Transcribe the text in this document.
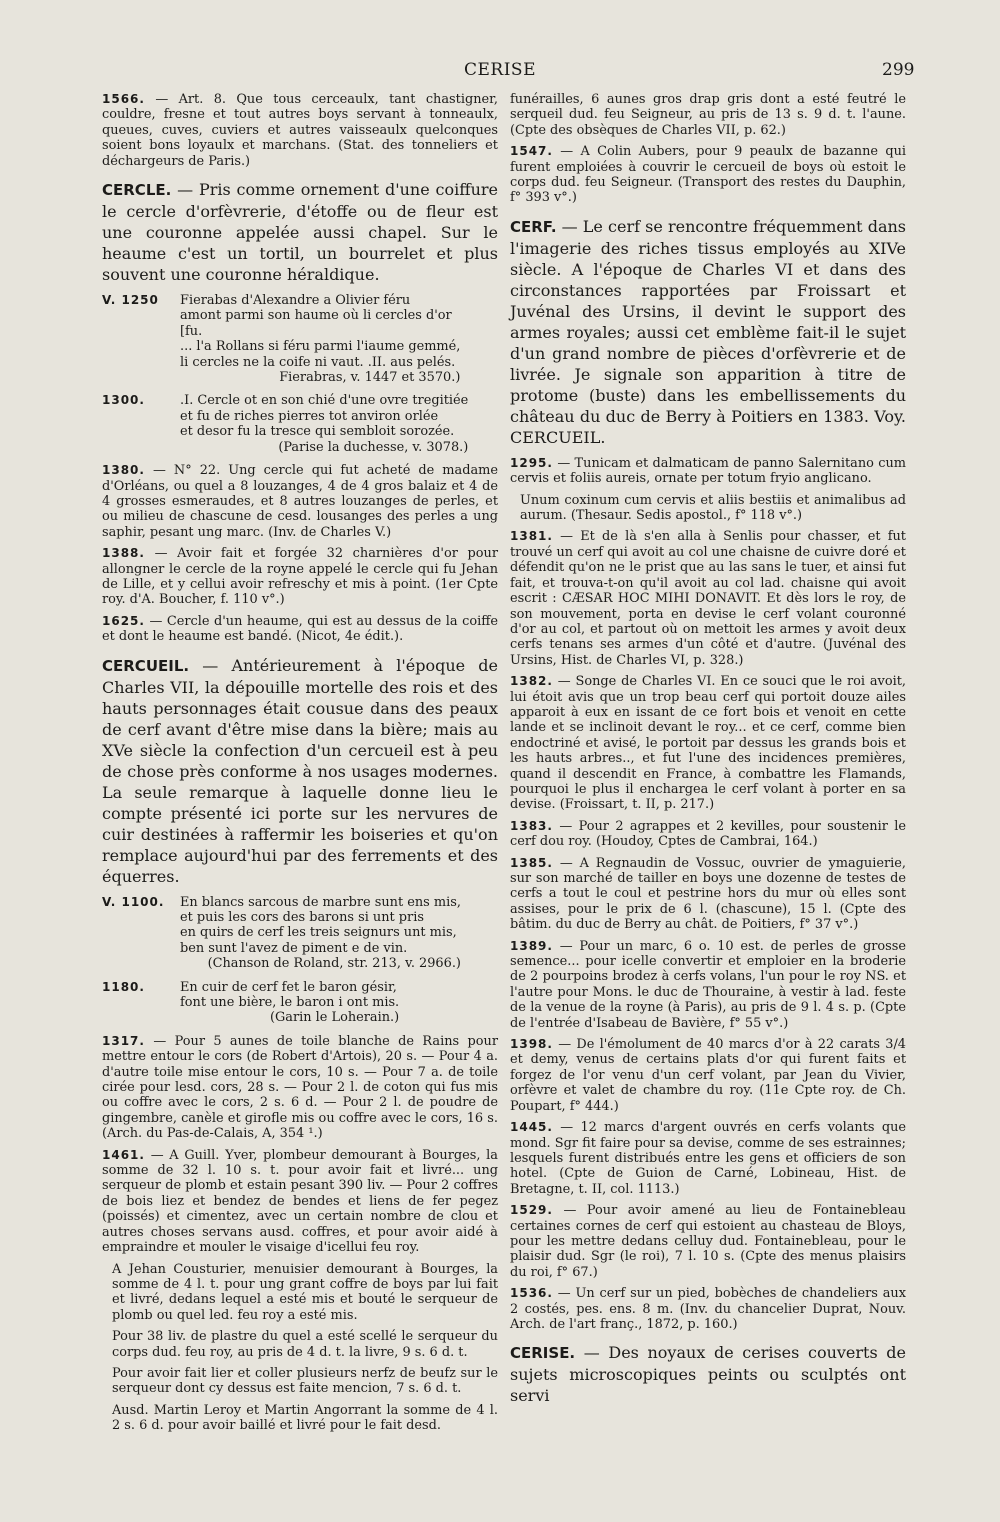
CERISE	299

1566. — Art. 8. Que tous cerceaulx, tant chastigner, couldre, fresne et tout autres boys servant à tonneaulx, queues, cuves, cuviers et autres vaisseaulx quelconques soient bons loyaulx et marchans. (Stat. des tonneliers et déchargeurs de Paris.)

CERCLE. — Pris comme ornement d'une coiffure le cercle d'orfèvrerie, d'étoffe ou de fleur est une couronne appelée aussi chapel. Sur le heaume c'est un tortil, un bourrelet et plus souvent une couronne héraldique.

V. 1250	Fierabas d'Alexandre a Olivier féru
amont parmi son haume où li cercles d'or
[fu.
... l'a Rollans si féru parmi l'iaume gemmé,
li cercles ne la coife ni vaut. .II. aus pelés.
Fierabras, v. 1447 et 3570.)
1300.	.I. Cercle ot en son chié d'une ovre tregitiée
et fu de riches pierres tot anviron orlée
et desor fu la tresce qui sembloit sorozée.
(Parise la duchesse, v. 3078.)

1380. — N° 22. Ung cercle qui fut acheté de madame d'Orléans, ou quel a 8 louzanges, 4 de 4 gros balaiz et 4 de 4 grosses esmeraudes, et 8 autres louzanges de perles, et ou milieu de chascune de cesd. lousanges des perles a ung saphir, pesant ung marc. (Inv. de Charles V.)

1388. — Avoir fait et forgée 32 charnières d'or pour allongner le cercle de la royne appelé le cercle qui fu Jehan de Lille, et y cellui avoir refreschy et mis à point. (1er Cpte roy. d'A. Boucher, f. 110 v°.)

1625. — Cercle d'un heaume, qui est au dessus de la coiffe et dont le heaume est bandé. (Nicot, 4e édit.).

CERCUEIL. — Antérieurement à l'époque de Charles VII, la dépouille mortelle des rois et des hauts personnages était cousue dans des peaux de cerf avant d'être mise dans la bière; mais au XVe siècle la confection d'un cercueil est à peu de chose près conforme à nos usages modernes. La seule remarque à laquelle donne lieu le compte présenté ici porte sur les nervures de cuir destinées à raffermir les boiseries et qu'on remplace aujourd'hui par des ferrements et des équerres.

V. 1100.	En blancs sarcous de marbre sunt ens mis,
et puis les cors des barons si unt pris
en quirs de cerf les treis seignurs unt mis,
ben sunt l'avez de piment e de vin.
(Chanson de Roland, str. 213, v. 2966.)
1180.	En cuir de cerf fet le baron gésir,
font une bière, le baron i ont mis.
(Garin le Loherain.)

1317. — Pour 5 aunes de toile blanche de Rains pour mettre entour le cors (de Robert d'Artois), 20 s. — Pour 4 a. d'autre toile mise entour le cors, 10 s. — Pour 7 a. de toile cirée pour lesd. cors, 28 s. — Pour 2 l. de coton qui fus mis ou coffre avec le cors, 2 s. 6 d. — Pour 2 l. de poudre de gingembre, canèle et girofle mis ou coffre avec le cors, 16 s. (Arch. du Pas-de-Calais, A, 354 ¹.)

1461. — A Guill. Yver, plombeur demourant à Bourges, la somme de 32 l. 10 s. t. pour avoir fait et livré... ung serqueur de plomb et estain pesant 390 liv. — Pour 2 coffres de bois liez et bendez de bendes et liens de fer pegez (poissés) et cimentez, avec un certain nombre de clou et autres choses servans ausd. coffres, et pour avoir aidé à empraindre et mouler le visaige d'icellui feu roy.

A Jehan Cousturier, menuisier demourant à Bourges, la somme de 4 l. t. pour ung grant coffre de boys par lui fait et livré, dedans lequel a esté mis et bouté le serqueur de plomb ou quel led. feu roy a esté mis.

Pour 38 liv. de plastre du quel a esté scellé le serqueur du corps dud. feu roy, au pris de 4 d. t. la livre, 9 s. 6 d. t.

Pour avoir fait lier et coller plusieurs nerfz de beufz sur le serqueur dont cy dessus est faite mencion, 7 s. 6 d. t.

Ausd. Martin Leroy et Martin Angorrant la somme de 4 l. 2 s. 6 d. pour avoir baillé et livré pour le fait desd.

funérailles, 6 aunes gros drap gris dont a esté feutré le serqueil dud. feu Seigneur, au pris de 13 s. 9 d. t. l'aune. (Cpte des obsèques de Charles VII, p. 62.)

1547. — A Colin Aubers, pour 9 peaulx de bazanne qui furent emploiées à couvrir le cercueil de boys où estoit le corps dud. feu Seigneur. (Transport des restes du Dauphin, f° 393 v°.)

CERF. — Le cerf se rencontre fréquemment dans l'imagerie des riches tissus employés au XIVe siècle. A l'époque de Charles VI et dans des circonstances rapportées par Froissart et Juvénal des Ursins, il devint le support des armes royales; aussi cet emblème fait-il le sujet d'un grand nombre de pièces d'orfèvrerie et de livrée. Je signale son apparition à titre de protome (buste) dans les embellissements du château du duc de Berry à Poitiers en 1383. Voy. CERCUEIL.

1295. — Tunicam et dalmaticam de panno Salernitano cum cervis et foliis aureis, ornate per totum fryio anglicano.

Unum coxinum cum cervis et aliis bestiis et animalibus ad aurum. (Thesaur. Sedis apostol., f° 118 v°.)

1381. — Et de là s'en alla à Senlis pour chasser, et fut trouvé un cerf qui avoit au col une chaisne de cuivre doré et défendit qu'on ne le prist que au las sans le tuer, et ainsi fut fait, et trouva-t-on qu'il avoit au col lad. chaisne qui avoit escrit : CÆSAR HOC MIHI DONAVIT. Et dès lors le roy, de son mouvement, porta en devise le cerf volant couronné d'or au col, et partout où on mettoit les armes y avoit deux cerfs tenans ses armes d'un côté et d'autre. (Juvénal des Ursins, Hist. de Charles VI, p. 328.)

1382. — Songe de Charles VI. En ce souci que le roi avoit, lui étoit avis que un trop beau cerf qui portoit douze ailes apparoit à eux en issant de ce fort bois et venoit en cette lande et se inclinoit devant le roy... et ce cerf, comme bien endoctriné et avisé, le portoit par dessus les grands bois et les hauts arbres.., et fut l'une des incidences premières, quand il descendit en France, à combattre les Flamands, pourquoi le plus il enchargea le cerf volant à porter en sa devise. (Froissart, t. II, p. 217.)

1383. — Pour 2 agrappes et 2 kevilles, pour soustenir le cerf dou roy. (Houdoy, Cptes de Cambrai, 164.)

1385. — A Regnaudin de Vossuc, ouvrier de ymaguierie, sur son marché de tailler en boys une dozenne de testes de cerfs a tout le coul et pestrine hors du mur où elles sont assises, pour le prix de 6 l. (chascune), 15 l. (Cpte des bâtim. du duc de Berry au chât. de Poitiers, f° 37 v°.)

1389. — Pour un marc, 6 o. 10 est. de perles de grosse semence... pour icelle convertir et emploier en la broderie de 2 pourpoins brodez à cerfs volans, l'un pour le roy NS. et l'autre pour Mons. le duc de Thouraine, à vestir à lad. feste de la venue de la royne (à Paris), au pris de 9 l. 4 s. p. (Cpte de l'entrée d'Isabeau de Bavière, f° 55 v°.)

1398. — De l'émolument de 40 marcs d'or à 22 carats 3/4 et demy, venus de certains plats d'or qui furent faits et forgez de l'or venu d'un cerf volant, par Jean du Vivier, orfèvre et valet de chambre du roy. (11e Cpte roy. de Ch. Poupart, f° 444.)

1445. — 12 marcs d'argent ouvrés en cerfs volants que mond. Sgr fit faire pour sa devise, comme de ses estrainnes; lesquels furent distribués entre les gens et officiers de son hotel. (Cpte de Guion de Carné, Lobineau, Hist. de Bretagne, t. II, col. 1113.)

1529. — Pour avoir amené au lieu de Fontainebleau certaines cornes de cerf qui estoient au chasteau de Bloys, pour les mettre dedans celluy dud. Fontainebleau, pour le plaisir dud. Sgr (le roi), 7 l. 10 s. (Cpte des menus plaisirs du roi, f° 67.)

1536. — Un cerf sur un pied, bobèches de chandeliers aux 2 costés, pes. ens. 8 m. (Inv. du chancelier Duprat, Nouv. Arch. de l'art franç., 1872, p. 160.)

CERISE. — Des noyaux de cerises couverts de sujets microscopiques peints ou sculptés ont servi
